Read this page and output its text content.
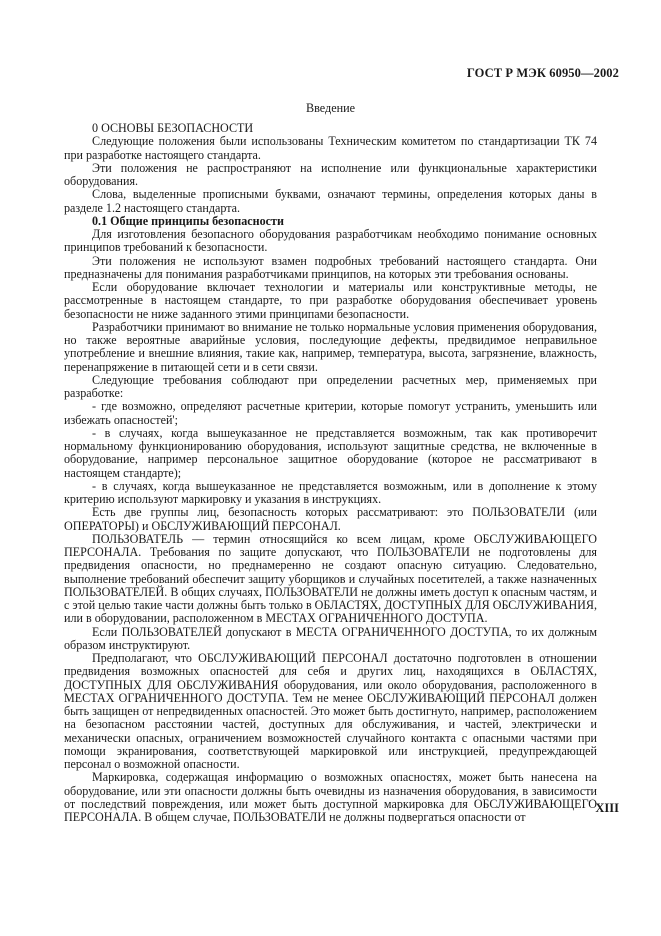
ГОСТ Р МЭК 60950—2002
Введение

0 ОСНОВЫ БЕЗОПАСНОСТИ

Следующие положения были использованы Техническим комитетом по стандартизации ТК 74 при разработке настоящего стандарта.

Эти положения не распространяют на исполнение или функциональные характеристики оборудования.

Слова, выделенные прописными буквами, означают термины, определения которых даны в разделе 1.2 настоящего стандарта.

0.1 Общие принципы безопасности

Для изготовления безопасного оборудования разработчикам необходимо понимание основных принципов требований к безопасности.

Эти положения не используют взамен подробных требований настоящего стандарта. Они предназначены для понимания разработчиками принципов, на которых эти требования основаны.

Если оборудование включает технологии и материалы или конструктивные методы, не рассмотренные в настоящем стандарте, то при разработке оборудования обеспечивает уровень безопасности не ниже заданного этими принципами безопасности.

Разработчики принимают во внимание не только нормальные условия применения оборудования, но также вероятные аварийные условия, последующие дефекты, предвидимое неправильное употребление и внешние влияния, такие как, например, температура, высота, загрязнение, влажность, перенапряжение в питающей сети и в сети связи.

Следующие требования соблюдают при определении расчетных мер, применяемых при разработке:

- где возможно, определяют расчетные критерии, которые помогут устранить, уменьшить или избежать опасностей';

- в случаях, когда вышеуказанное не представляется возможным, так как противоречит нормальному функционированию оборудования, используют защитные средства, не включенные в оборудование, например персональное защитное оборудование (которое не рассматривают в настоящем стандарте);

- в случаях, когда вышеуказанное не представляется возможным, или в дополнение к этому критерию используют маркировку и указания в инструкциях.

Есть две группы лиц, безопасность которых рассматривают: это ПОЛЬЗОВАТЕЛИ (или ОПЕРАТОРЫ) и ОБСЛУЖИВАЮЩИЙ ПЕРСОНАЛ.

ПОЛЬЗОВАТЕЛЬ — термин относящийся ко всем лицам, кроме ОБСЛУЖИВАЮЩЕГО ПЕРСОНАЛА. Требования по защите допускают, что ПОЛЬЗОВАТЕЛИ не подготовлены для предвидения опасности, но преднамеренно не создают опасную ситуацию. Следовательно, выполнение требований обеспечит защиту уборщиков и случайных посетителей, а также назначенных ПОЛЬЗОВАТЕЛЕЙ. В общих случаях, ПОЛЬЗОВАТЕЛИ не должны иметь доступ к опасным частям, и с этой целью такие части должны быть только в ОБЛАСТЯХ, ДОСТУПНЫХ ДЛЯ ОБСЛУЖИВАНИЯ, или в оборудовании, расположенном в МЕСТАХ ОГРАНИЧЕННОГО ДОСТУПА.

Если ПОЛЬЗОВАТЕЛЕЙ допускают в МЕСТА ОГРАНИЧЕННОГО ДОСТУПА, то их должным образом инструктируют.

Предполагают, что ОБСЛУЖИВАЮЩИЙ ПЕРСОНАЛ достаточно подготовлен в отношении предвидения возможных опасностей для себя и других лиц, находящихся в ОБЛАСТЯХ, ДОСТУПНЫХ ДЛЯ ОБСЛУЖИВАНИЯ оборудования, или около оборудования, расположенного в МЕСТАХ ОГРАНИЧЕННОГО ДОСТУПА. Тем не менее ОБСЛУЖИВАЮЩИЙ ПЕРСОНАЛ должен быть защищен от непредвиденных опасностей. Это может быть достигнуто, например, расположением на безопасном расстоянии частей, доступных для обслуживания, и частей, электрически и механически опасных, ограничением возможностей случайного контакта с опасными частями при помощи экранирования, соответствующей маркировкой или инструкцией, предупреждающей персонал о возможной опасности.

Маркировка, содержащая информацию о возможных опасностях, может быть нанесена на оборудование, или эти опасности должны быть очевидны из назначения оборудования, в зависимости от последствий повреждения, или может быть доступной маркировка для ОБСЛУЖИВАЮЩЕГО ПЕРСОНАЛА. В общем случае, ПОЛЬЗОВАТЕЛИ не должны подвергаться опасности от

XIII
